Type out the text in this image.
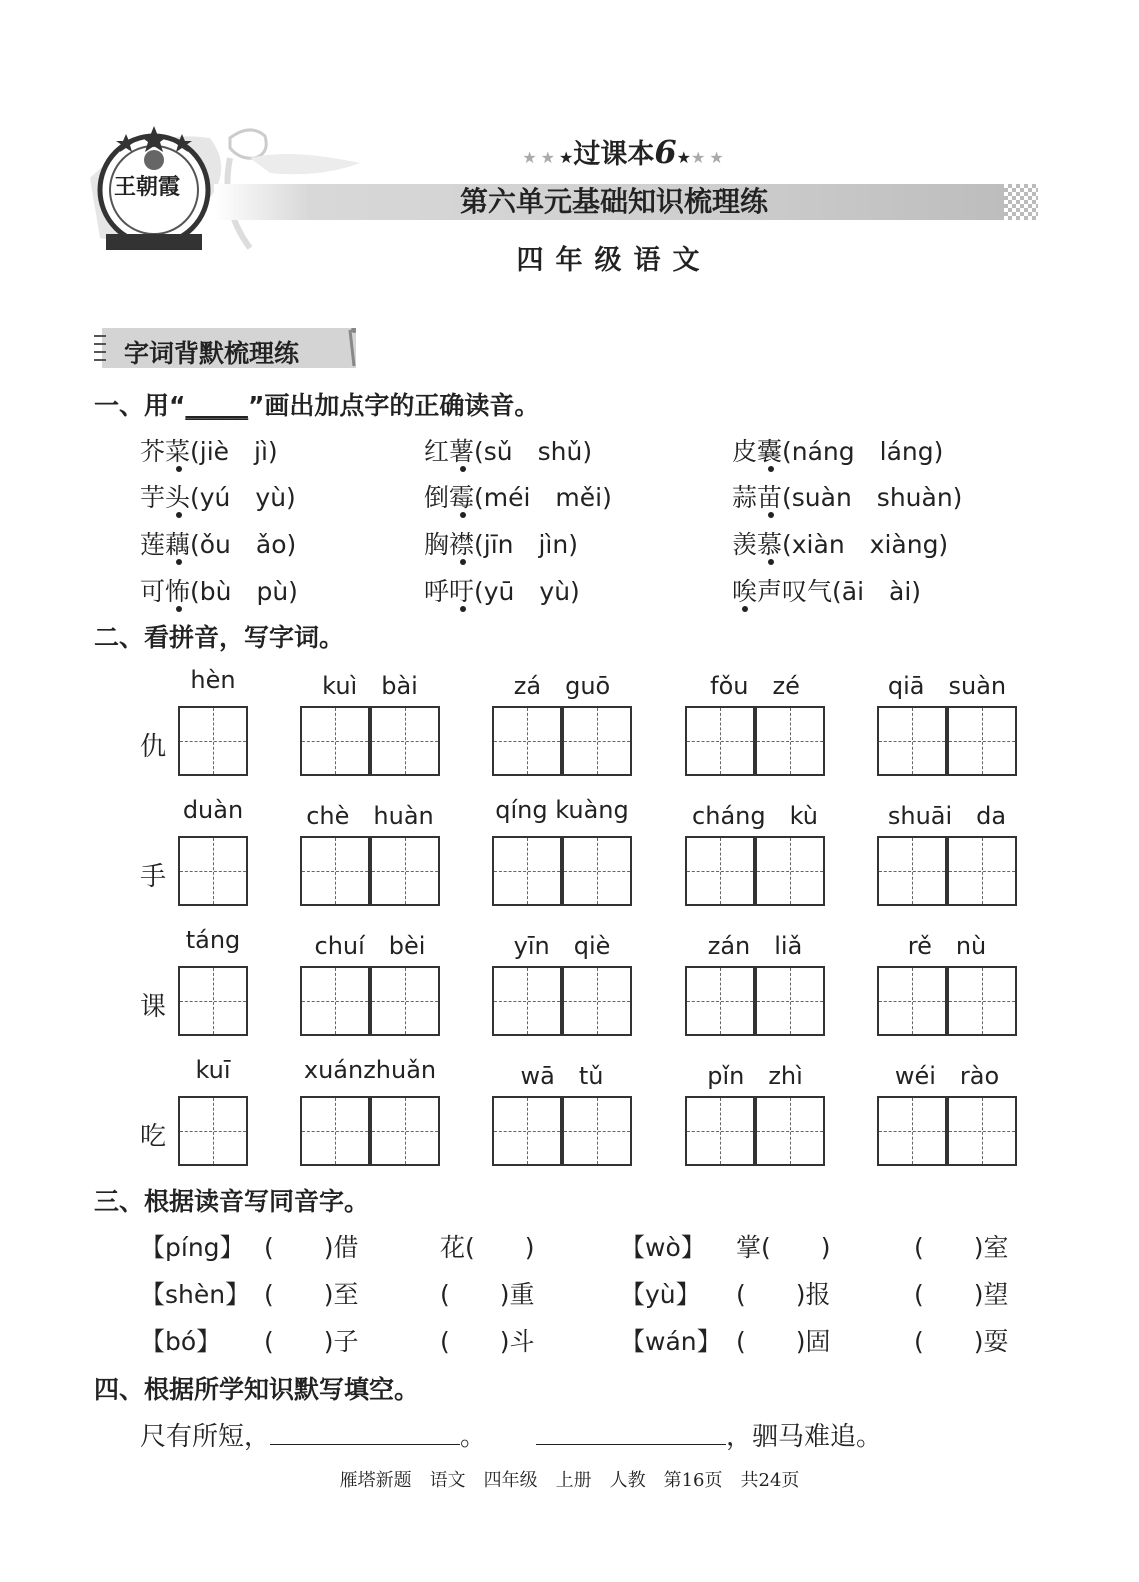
王朝霞
★★★过课本6★★★
第六单元基础知识梳理练
四年级语文
字词背默梳理练
一、用“_____”画出加点字的正确读音。
芥菜(jiè　jì)	红薯(sǔ　shǔ)	皮囊(náng　láng)
芋头(yú　yù)	倒霉(méi　měi)	蒜苗(suàn　shuàn)
莲藕(ǒu　ǎo)	胸襟(jīn　jìn)	羡慕(xiàn　xiàng)
可怖(bù　pù)	呼吁(yū　yù)	唉声叹气(āi　ài)
二、看拼音，写字词。
仇
hèn	kuì　bài	zá　guō	fǒu　zé	qiā　suàn
手
duàn	chè　huàn	qíng kuàng	cháng　kù	shuāi　da
课
táng	chuí　bèi	yīn　qiè	zán　liǎ	rě　nù
吃
kuī	xuánzhuǎn	wā　tǔ	pǐn　zhì	wéi　rào
三、根据读音写同音字。
【píng】 (　　)借	花(　　)	【wò】 掌(　　)	(　　)室
【shèn】 (　　)至	(　　)重	【yù】 (　　)报	(　　)望
【bó】 (　　)子	(　　)斗	【wán】 (　　)固	(　　)耍
四、根据所学知识默写填空。
尺有所短，	。	，驷马难追。
雁塔新题　语文　四年级　上册　人教　第16页　共24页
